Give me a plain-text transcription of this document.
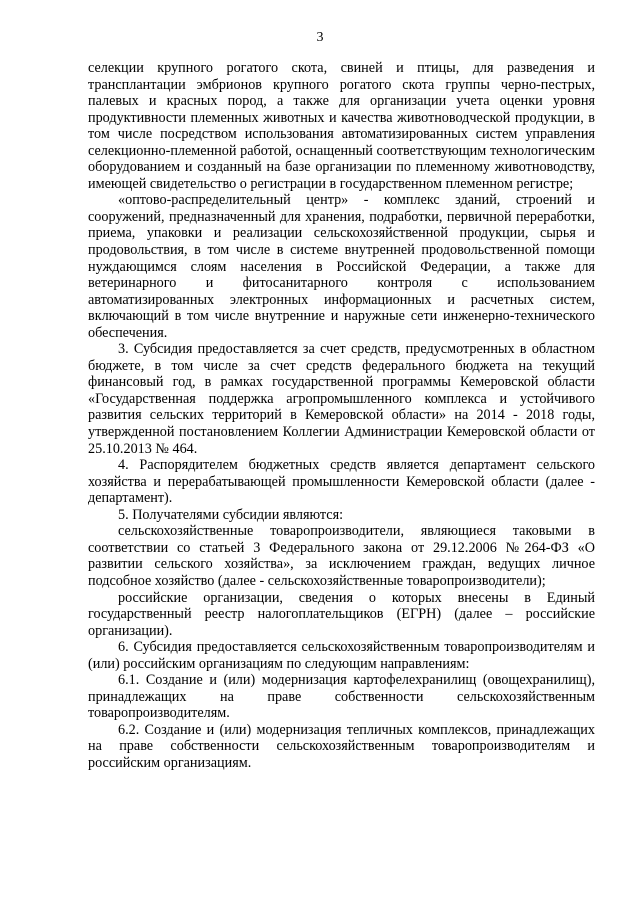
3

селекции крупного рогатого скота, свиней и птицы, для разведения и трансплантации эмбрионов крупного рогатого скота группы черно-пестрых, палевых и красных пород, а также для организации учета оценки уровня продуктивности племенных животных и качества животноводческой продукции, в том числе посредством использования автоматизированных систем управления селекционно-племенной работой, оснащенный соответствующим технологическим оборудованием и созданный на базе организации по племенному животноводству, имеющей свидетельство о регистрации в государственном племенном регистре;

«оптово-распределительный центр» - комплекс зданий, строений и сооружений, предназначенный для хранения, подработки, первичной переработки, приема, упаковки и реализации сельскохозяйственной продукции, сырья и продовольствия, в том числе в системе внутренней продовольственной помощи нуждающимся слоям населения в Российской Федерации, а также для ветеринарного и фитосанитарного контроля с использованием автоматизированных электронных информационных и расчетных систем, включающий в том числе внутренние и наружные сети инженерно-технического обеспечения.

3. Субсидия предоставляется за счет средств, предусмотренных в областном бюджете, в том числе за счет средств федерального бюджета на текущий финансовый год, в рамках государственной программы Кемеровской области «Государственная поддержка агропромышленного комплекса и устойчивого развития сельских территорий в Кемеровской области» на 2014 - 2018 годы, утвержденной постановлением Коллегии Администрации Кемеровской области от 25.10.2013 № 464.

4. Распорядителем бюджетных средств является департамент сельского хозяйства и перерабатывающей промышленности Кемеровской области (далее - департамент).

5. Получателями субсидии являются:

сельскохозяйственные товаропроизводители, являющиеся таковыми в соответствии со статьей 3 Федерального закона от 29.12.2006 №264-ФЗ «О развитии сельского хозяйства», за исключением граждан, ведущих личное подсобное хозяйство (далее - сельскохозяйственные товаропроизводители);

российские организации, сведения о которых внесены в Единый государственный реестр налогоплательщиков (ЕГРН) (далее – российские организации).

6. Субсидия предоставляется сельскохозяйственным товаропроизводителям и (или) российским организациям по следующим направлениям:

6.1. Создание и (или) модернизация картофелехранилищ (овощехранилищ), принадлежащих на праве собственности сельскохозяйственным товаропроизводителям.

6.2. Создание и (или) модернизация тепличных комплексов, принадлежащих на праве собственности сельскохозяйственным товаропроизводителям и российским организациям.
